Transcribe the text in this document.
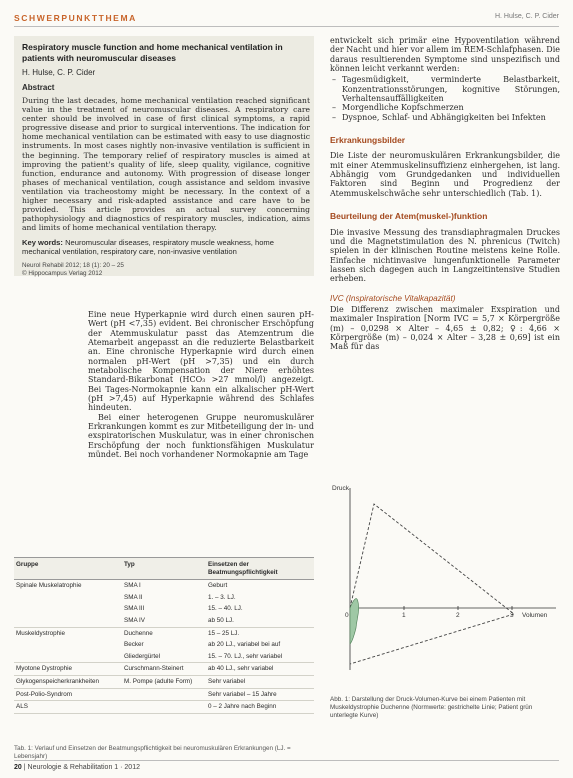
SCHWERPUNKTTHEMA	H. Hulse, C. P. Cider
Respiratory muscle function and home mechanical ventilation in patients with neuromuscular diseases
H. Hulse, C. P. Cider
Abstract
During the last decades, home mechanical ventilation reached significant value in the treatment of neuromuscular diseases. A respiratory care center should be involved in case of first clinical symptoms, a rapid progressive disease and prior to surgical interventions. The indication for home mechanical ventilation can be estimated with easy to use diagnostic instruments. In most cases nightly non-invasive ventilation is sufficient in the beginning. The temporary relief of respiratory muscles is aimed at improving the patient's quality of life, sleep quality, vigilance, cognitive function, endurance and autonomy. With progression of disease longer phases of mechanical ventilation, cough assistance and seldom invasive ventilation via tracheostomy might be necessary. In the context of a higher necessary and risk-adapted assistance and care have to be provided. This article provides an actual survey concerning pathophysiology and diagnostics of respiratory muscles, indication, aims and limits of home mechanical ventilation therapy.
Key words: Neuromuscular diseases, respiratory muscle weakness, home mechanical ventilation, respiratory care, non-invasive ventilation
Neurol Rehabil 2012; 18 (1): 20 – 25
© Hippocampus Verlag 2012

Eine neue Hyperkapnie wird durch einen sauren pH-Wert (pH <7,35) evident. Bei chronischer Erschöpfung der Atemmuskulatur passt das Atemzentrum die Atemarbeit angepasst an die reduzierte Belastbarkeit an. Eine chronische Hyperkapnie wird durch einen normalen pH-Wert (pH >7,35) und ein durch metabolische Kompensation der Niere erhöhtes Standard-Bikarbonat (HCO₃ >27 mmol/l) angezeigt. Bei Tages-Normokapnie kann ein alkalischer pH-Wert (pH >7,45) auf Hyperkapnie während des Schlafes hindeuten.

Bei einer heterogenen Gruppe neuromuskulärer Erkrankungen kommt es zur Mitbeteiligung der in- und exspiratorischen Muskulatur, was in einer chronischen Erschöpfung der noch funktionsfähigen Muskulatur mündet. Bei noch vorhandener Normokapnie am Tage

entwickelt sich primär eine Hypoventilation während der Nacht und hier vor allem im REM-Schlafphasen. Die daraus resultierenden Symptome sind unspezifisch und können leicht verkannt werden:

– Tagesmüdigkeit, verminderte Belastbarkeit, Konzentrationsstörungen, kognitive Störungen, Verhaltensauffälligkeiten
– Morgendliche Kopfschmerzen
– Dyspnoe, Schlaf- und Abhängigkeiten bei Infekten
Erkrankungsbilder

Die Liste der neuromuskulären Erkrankungsbilder, die mit einer Atemmuskelinsuffizienz einhergehen, ist lang. Abhängig vom Grundgedanken und individuellen Faktoren sind Beginn und Progredienz der Atemmuskelschwäche sehr unterschiedlich (Tab. 1).

Beurteilung der Atem(muskel-)funktion

Die invasive Messung des transdiaphragmalen Druckes und die Magnetstimulation des N. phrenicus (Twitch) spielen in der klinischen Routine meistens keine Rolle. Einfache nichtinvasive lungenfunktionelle Parameter lassen sich dagegen auch in Langzeitintensive Studien erheben.

IVC (Inspiratorische Vitalkapazität)

Die Differenz zwischen maximaler Exspiration und maximaler Inspiration [Norm IVC = 5,7 × Körpergröße (m) – 0,0298 × Alter – 4,65 ± 0,82; ♀: 4,66 × Körpergröße (m) – 0,024 × Alter – 3,28 ± 0,69] ist ein Maß für das

Gruppe	Typ	Einsetzen der Beatmungspflichtigkeit
Spinale Muskelatrophie	SMA I	Geburt
	SMA II	1. – 3. LJ.
	SMA III	15. – 40. LJ.
	SMA IV	ab 50 LJ.
Muskeldystrophie	Duchenne	15 – 25 LJ.
	Becker	ab 20 LJ., variabel bei auf
	Gliedergürtel	15. – 70. LJ., sehr variabel
Myotone Dystrophie	Curschmann-Steinert	ab 40 LJ., sehr variabel
Glykogenspeicherkrankheiten	M. Pompe (adulte Form)	Sehr variabel
Post-Polio-Syndrom		Sehr variabel – 15 Jahre
ALS		0 – 2 Jahre nach Beginn
Tab. 1: Verlauf und Einsetzen der Beatmungspflichtigkeit bei neuromuskulären Erkrankungen (LJ. = Lebensjahr)
Druck
0	1	2	3 Volumen
Abb. 1: Darstellung der Druck-Volumen-Kurve bei einem Patienten mit Muskeldystrophie Duchenne (Normwerte: gestrichelte Linie; Patient grün unterlegte Kurve)
20 | Neurologie & Rehabilitation 1 · 2012
